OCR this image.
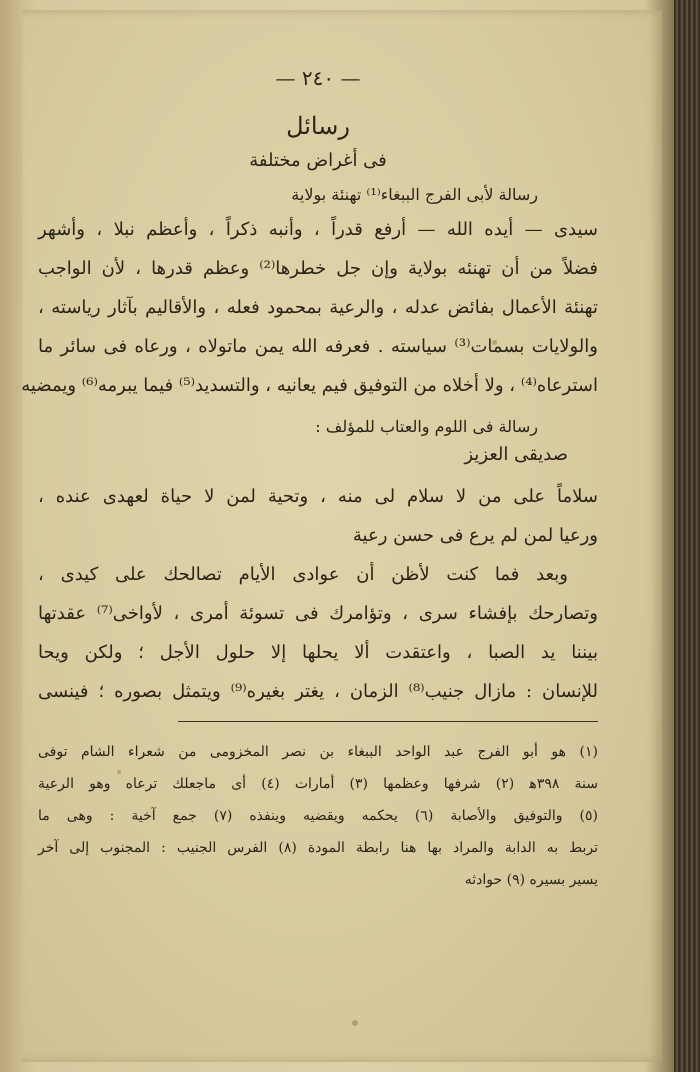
— ٢٤٠ —
رسائل
فى أغراض مختلفة
رسالة لأبى الفرج الببغاء⁽¹⁾ تهنئة بولاية
سيدى — أيده الله — أرفع قدراً ، وأنبه ذكراً ، وأعظم نبلا ، وأشهر
فضلاً من أن تهنئه بولاية وإن جل خطرها⁽²⁾ وعظم قدرها ، لأن الواجب
تهنئة الأعمال بفائض عدله ، والرعية بمحمود فعله ، والأقاليم بآثار رياسته ،
والولايات بسمات⁽³⁾ سياسته . فعرفه الله يمن ماتولاه ، ورعاه فى سائر ما
استرعاه⁽⁴⁾ ، ولا أخلاه من التوفيق فيم يعانيه ، والتسديد⁽⁵⁾ فيما يبرمه⁽⁶⁾ ويمضيه
رسالة فى اللوم والعتاب للمؤلف :
صديقى العزيز
سلاماً على من لا سلام لى منه ، وتحية لمن لا حياة لعهدى عنده ،
ورعيا لمن لم يرع فى حسن رعية
وبعد فما كنت لأظن أن عوادى الأيام تصالحك على كيدى ،
وتصارحك بإفشاء سرى ، وتؤامرك فى تسوئة أمرى ، لأواخى⁽⁷⁾ عقدتها
بيننا يد الصبا ، واعتقدت ألا يحلها إلا حلول الأجل ؛ ولكن ويحا
للإنسان : مازال جنيب⁽⁸⁾ الزمان ، يغتر بغيره⁽⁹⁾ ويتمثل بصوره ؛ فينسى
(١) هو أبو الفرج عبد الواحد الببغاء بن نصر المخزومى من شعراء الشام توفى
سنة ٣٩٨ﻫ (٢) شرفها وعظمها (٣) أمارات (٤) أى ماجعلك ترعاه وهو الرعية
(٥) والتوفيق والأصابة (٦) يحكمه ويقضيه وينفذه (٧) جمع آخية : وهى ما
تربط به الدابة والمراد بها هنا رابطة المودة (٨) الفرس الجنيب : المجنوب إلى آخر
يسير بسيره (٩) حوادثه
